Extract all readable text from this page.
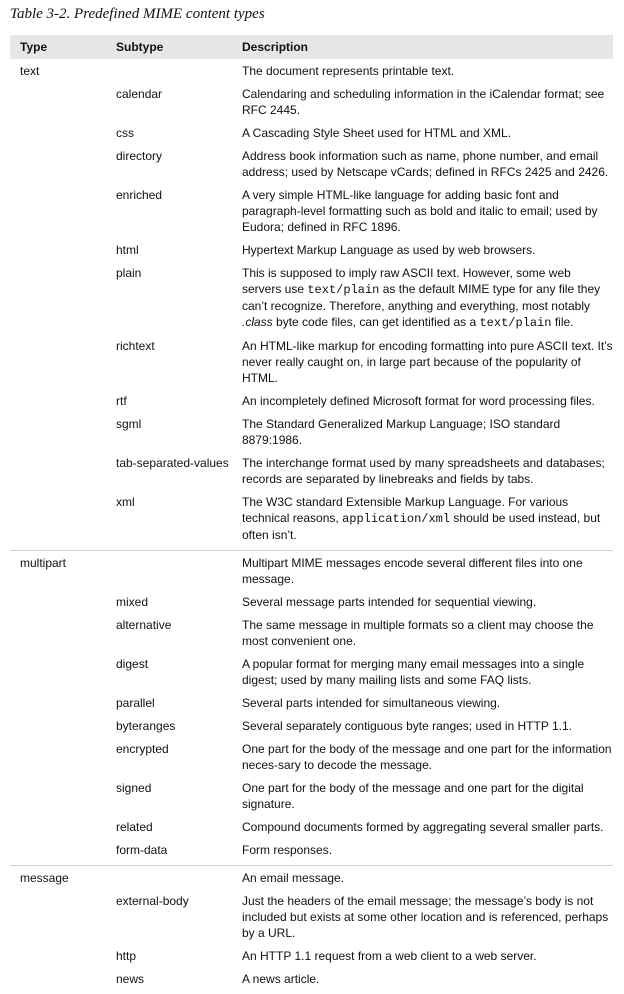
Table 3-2. Predefined MIME content types
Type	Subtype	Description
text		The document represents printable text.
	calendar	Calendaring and scheduling information in the iCalendar format; see RFC 2445.
	css	A Cascading Style Sheet used for HTML and XML.
	directory	Address book information such as name, phone number, and email address; used by Netscape vCards; defined in RFCs 2425 and 2426.
	enriched	A very simple HTML-like language for adding basic font and paragraph-level formatting such as bold and italic to email; used by Eudora; defined in RFC 1896.
	html	Hypertext Markup Language as used by web browsers.
	plain	This is supposed to imply raw ASCII text. However, some web servers use text/plain as the default MIME type for any file they can’t recognize. Therefore, anything and everything, most notably .class byte code files, can get identified as a text/plain file.
	richtext	An HTML-like markup for encoding formatting into pure ASCII text. It’s never really caught on, in large part because of the popularity of HTML.
	rtf	An incompletely defined Microsoft format for word processing files.
	sgml	The Standard Generalized Markup Language; ISO standard 8879:1986.
	tab-separated-values	The interchange format used by many spreadsheets and databases; records are separated by linebreaks and fields by tabs.
	xml	The W3C standard Extensible Markup Language. For various technical reasons, application/xml should be used instead, but often isn’t.
multipart		Multipart MIME messages encode several different files into one message.
	mixed	Several message parts intended for sequential viewing.
	alternative	The same message in multiple formats so a client may choose the most convenient one.
	digest	A popular format for merging many email messages into a single digest; used by many mailing lists and some FAQ lists.
	parallel	Several parts intended for simultaneous viewing.
	byteranges	Several separately contiguous byte ranges; used in HTTP 1.1.
	encrypted	One part for the body of the message and one part for the information neces-sary to decode the message.
	signed	One part for the body of the message and one part for the digital signature.
	related	Compound documents formed by aggregating several smaller parts.
	form-data	Form responses.
message		An email message.
	external-body	Just the headers of the email message; the message’s body is not included but exists at some other location and is referenced, perhaps by a URL.
	http	An HTTP 1.1 request from a web client to a web server.
	news	A news article.
